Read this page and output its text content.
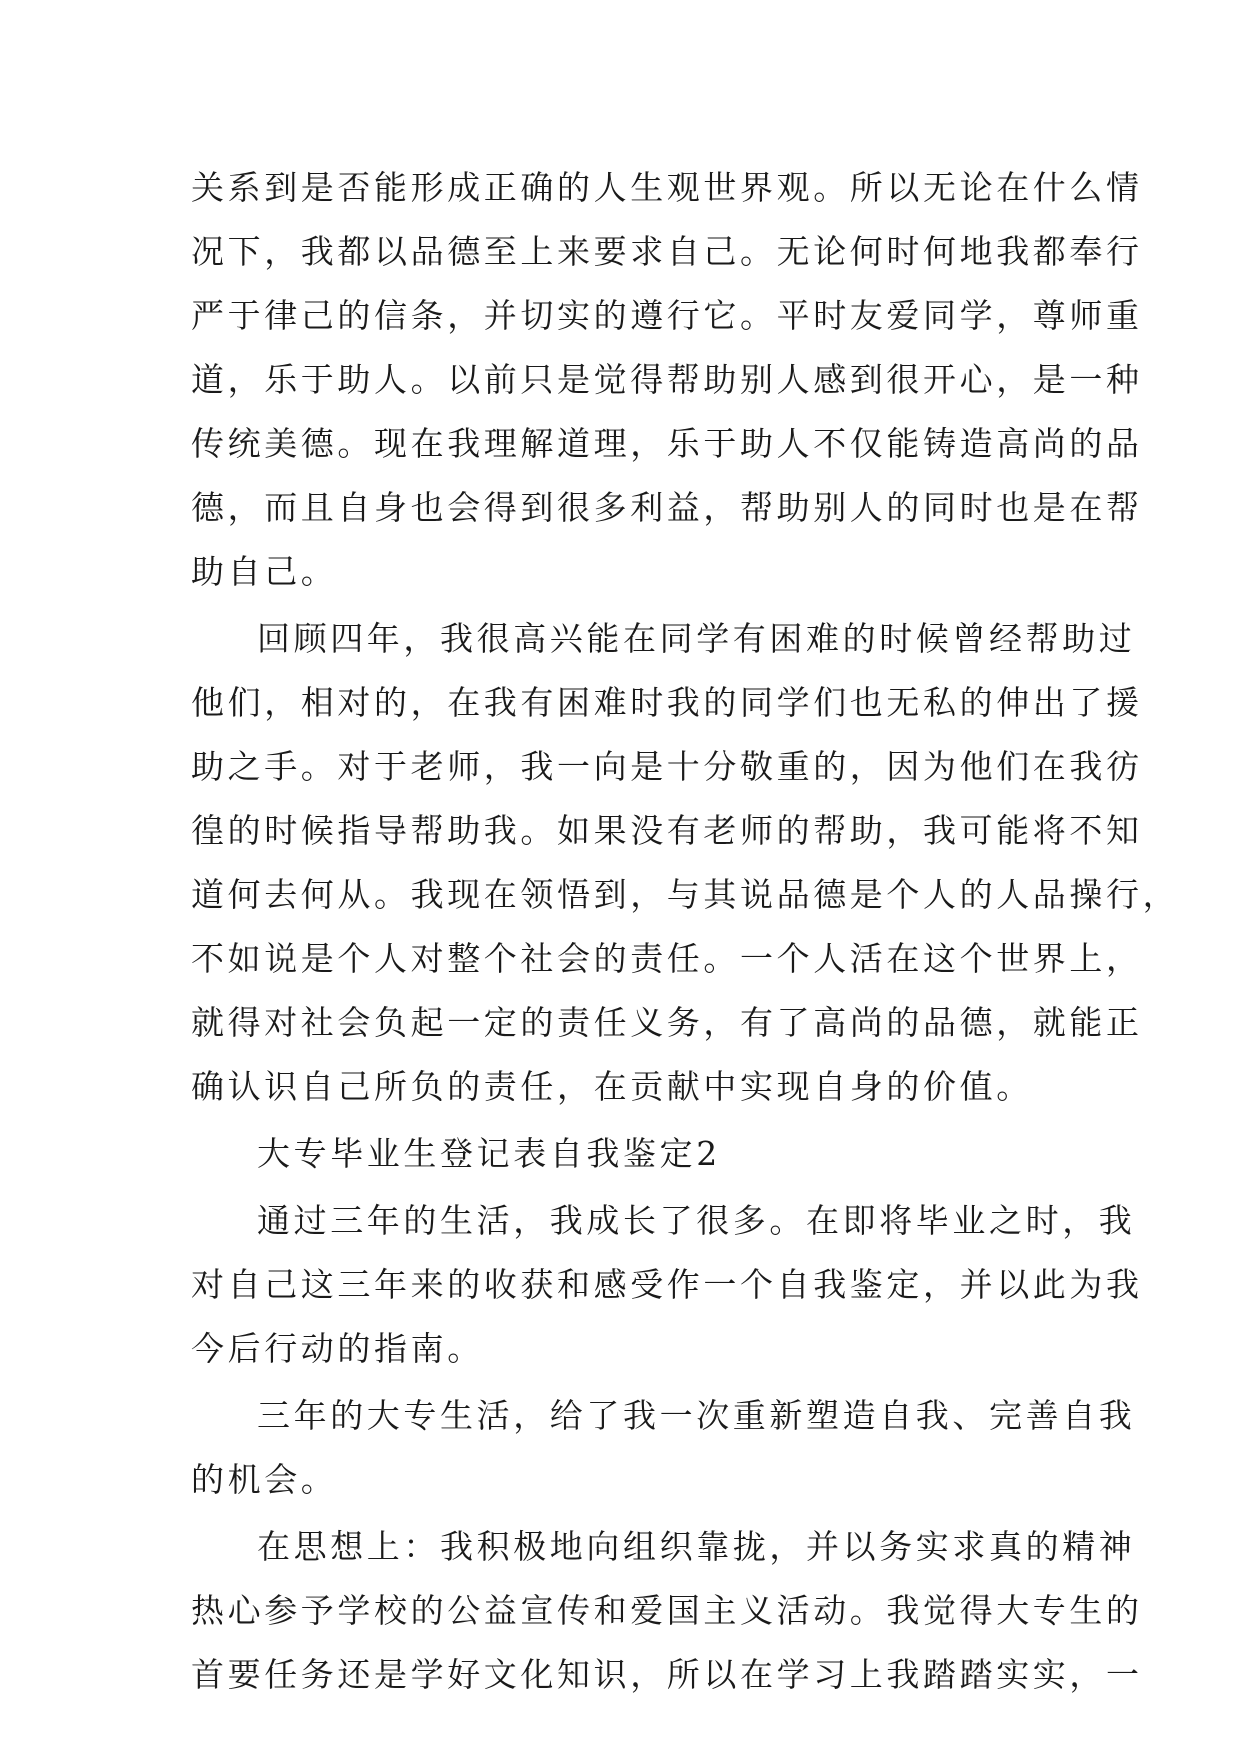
关系到是否能形成正确的人生观世界观。所以无论在什么情
况下，我都以品德至上来要求自己。无论何时何地我都奉行
严于律己的信条，并切实的遵行它。平时友爱同学，尊师重
道，乐于助人。以前只是觉得帮助别人感到很开心，是一种
传统美德。现在我理解道理，乐于助人不仅能铸造高尚的品
德，而且自身也会得到很多利益，帮助别人的同时也是在帮
助自己。
回顾四年，我很高兴能在同学有困难的时候曾经帮助过
他们，相对的，在我有困难时我的同学们也无私的伸出了援
助之手。对于老师，我一向是十分敬重的，因为他们在我彷
徨的时候指导帮助我。如果没有老师的帮助，我可能将不知
道何去何从。我现在领悟到，与其说品德是个人的人品操行，
不如说是个人对整个社会的责任。一个人活在这个世界上，
就得对社会负起一定的责任义务，有了高尚的品德，就能正
确认识自己所负的责任，在贡献中实现自身的价值。
大专毕业生登记表自我鉴定2
通过三年的生活，我成长了很多。在即将毕业之时，我
对自己这三年来的收获和感受作一个自我鉴定，并以此为我
今后行动的指南。
三年的大专生活，给了我一次重新塑造自我、完善自我
的机会。
在思想上：我积极地向组织靠拢，并以务实求真的精神
热心参予学校的公益宣传和爱国主义活动。我觉得大专生的
首要任务还是学好文化知识，所以在学习上我踏踏实实，一
